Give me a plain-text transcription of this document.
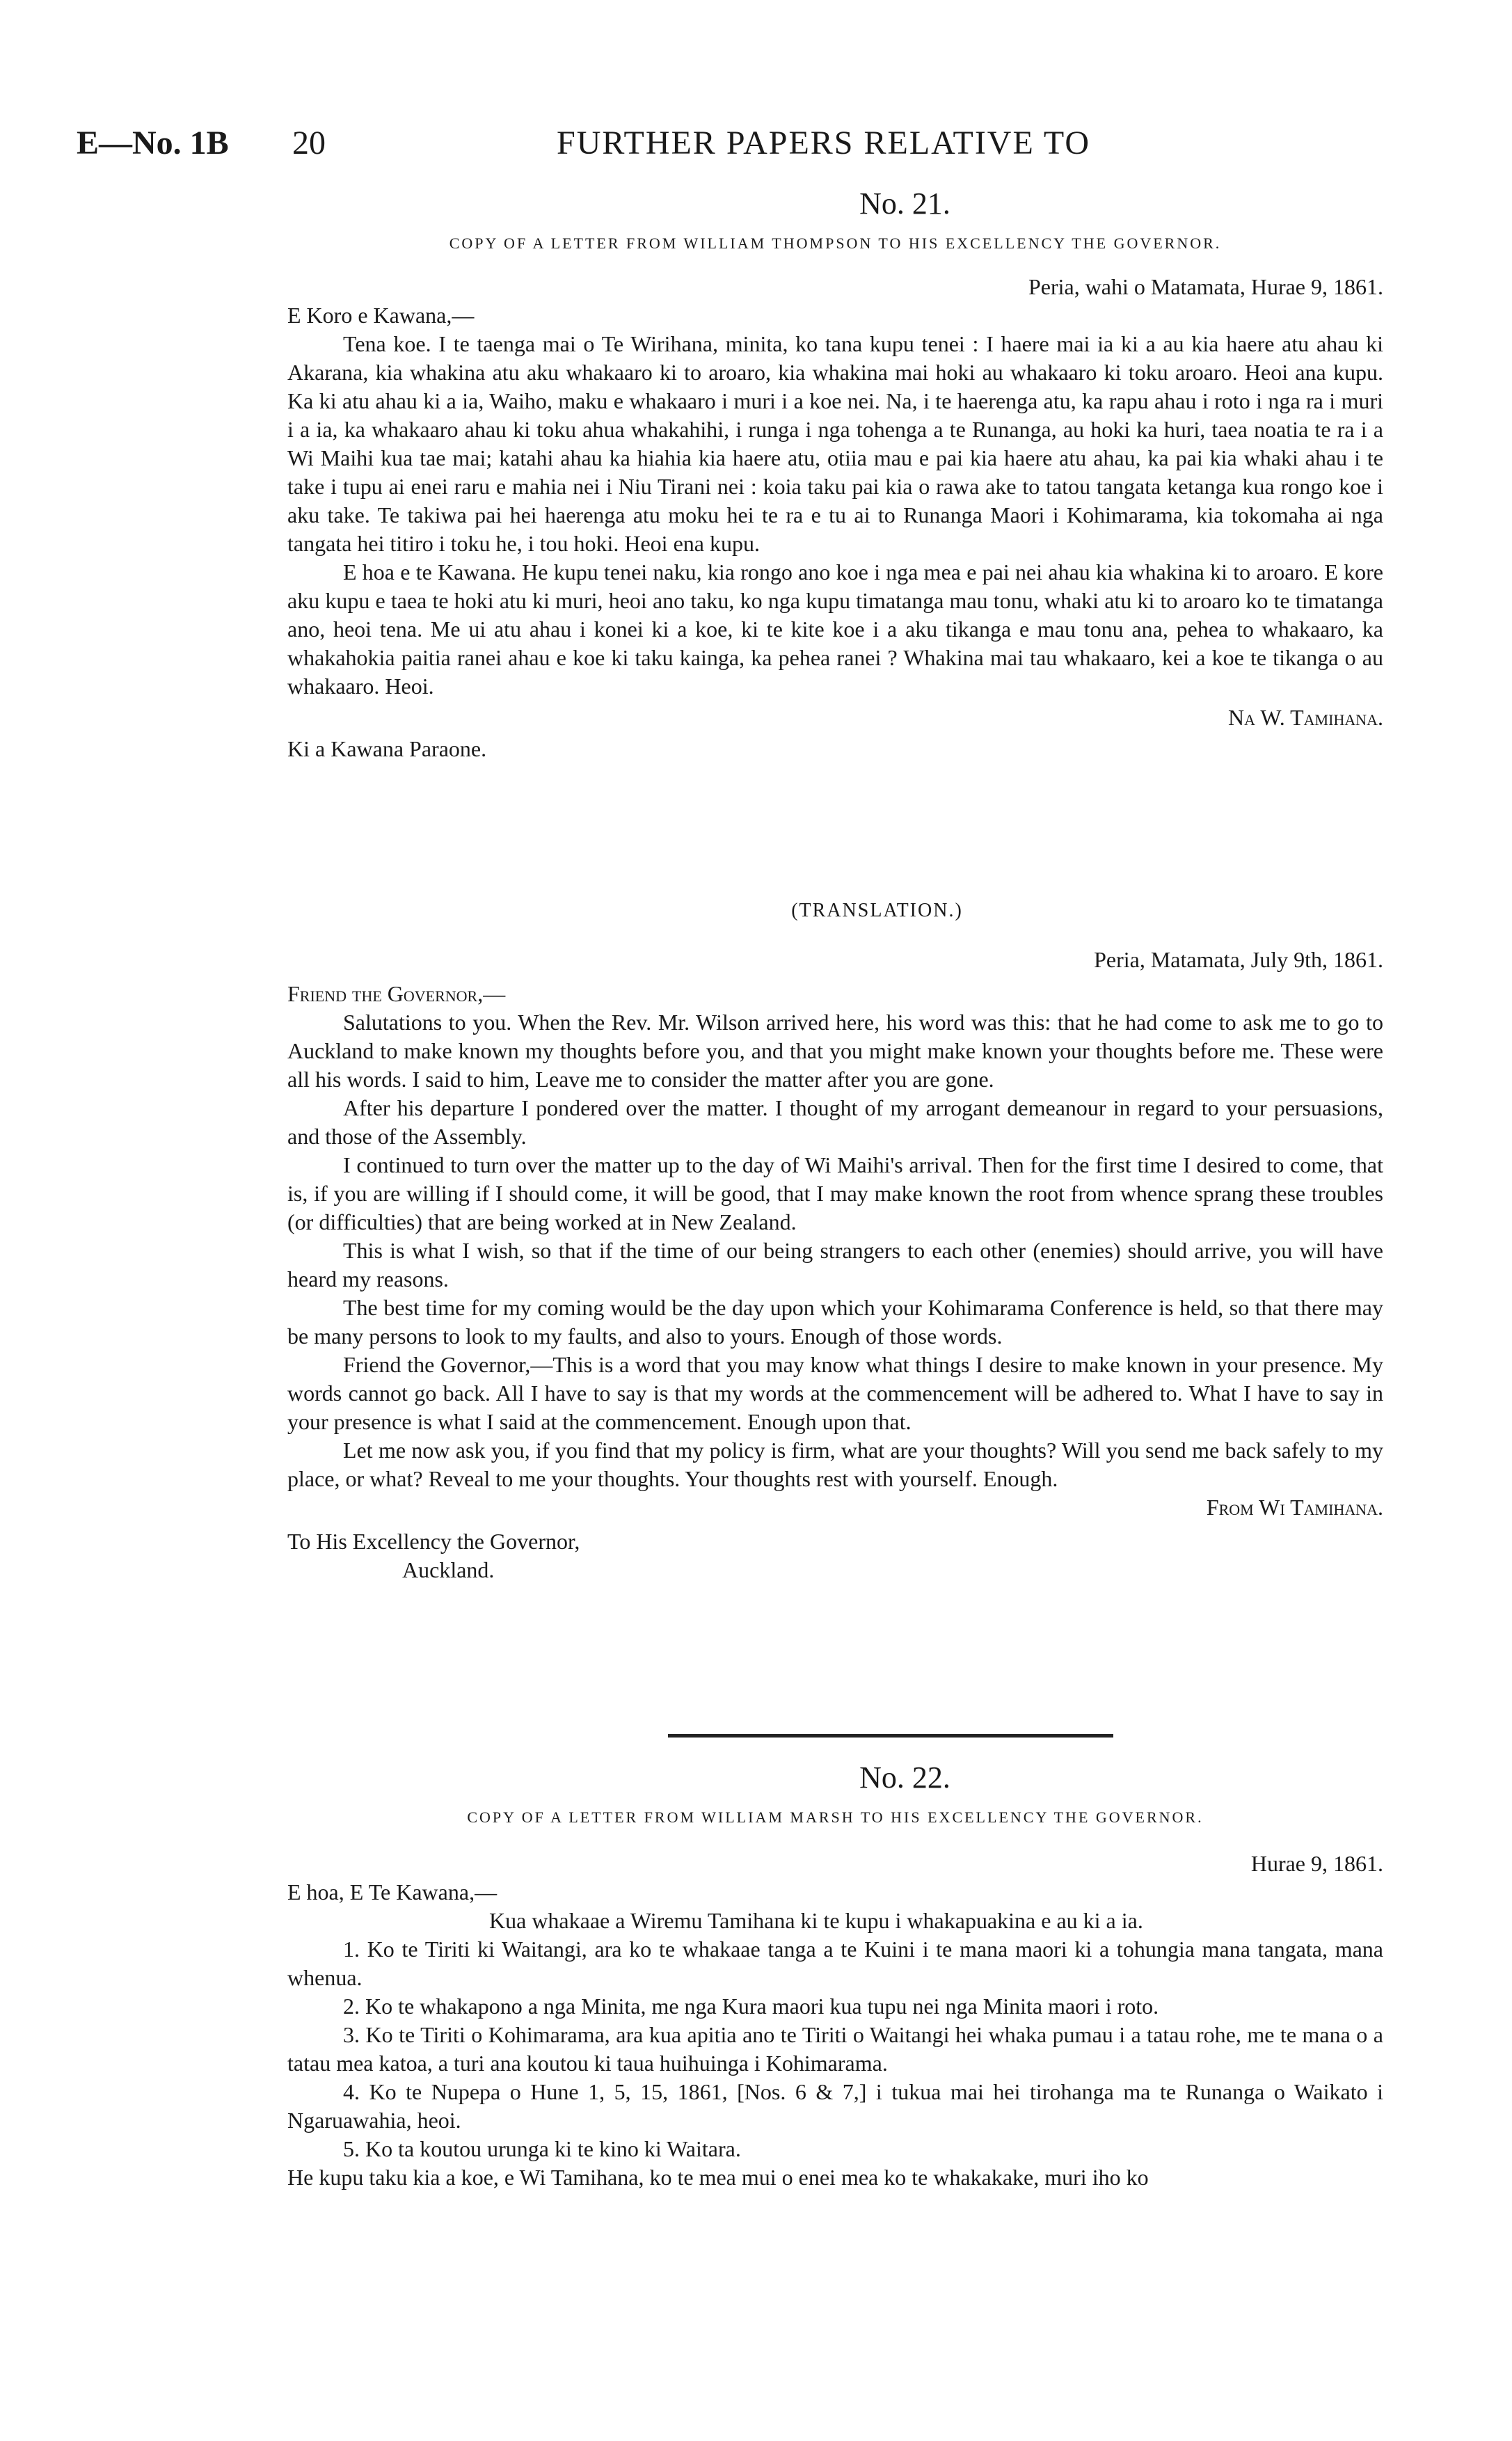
E—No. 1B 20	FURTHER PAPERS RELATIVE TO
No. 21.
COPY OF A LETTER FROM WILLIAM THOMPSON TO HIS EXCELLENCY THE GOVERNOR.
Peria, wahi o Matamata, Hurae 9, 1861.

E Koro e Kawana,—

Tena koe. I te taenga mai o Te Wirihana, minita, ko tana kupu tenei : I haere mai ia ki a au kia haere atu ahau ki Akarana, kia whakina atu aku whakaaro ki to aroaro, kia whakina mai hoki au whakaaro ki toku aroaro. Heoi ana kupu. Ka ki atu ahau ki a ia, Waiho, maku e whakaaro i muri i a koe nei. Na, i te haerenga atu, ka rapu ahau i roto i nga ra i muri i a ia, ka whakaaro ahau ki toku ahua whakahihi, i runga i nga tohenga a te Runanga, au hoki ka huri, taea noatia te ra i a Wi Maihi kua tae mai; katahi ahau ka hiahia kia haere atu, otiia mau e pai kia haere atu ahau, ka pai kia whaki ahau i te take i tupu ai enei raru e mahia nei i Niu Tirani nei : koia taku pai kia o rawa ake to tatou tangata ketanga kua rongo koe i aku take. Te takiwa pai hei haerenga atu moku hei te ra e tu ai to Runanga Maori i Kohimarama, kia tokomaha ai nga tangata hei titiro i toku he, i tou hoki. Heoi ena kupu.

E hoa e te Kawana. He kupu tenei naku, kia rongo ano koe i nga mea e pai nei ahau kia whakina ki to aroaro. E kore aku kupu e taea te hoki atu ki muri, heoi ano taku, ko nga kupu timatanga mau tonu, whaki atu ki to aroaro ko te timatanga ano, heoi tena. Me ui atu ahau i konei ki a koe, ki te kite koe i a aku tikanga e mau tonu ana, pehea to whakaaro, ka whakahokia paitia ranei ahau e koe ki taku kainga, ka pehea ranei ? Whakina mai tau whakaaro, kei a koe te tikanga o au whakaaro. Heoi.

Na W. Tamihana.

Ki a Kawana Paraone.

(TRANSLATION.)
Peria, Matamata, July 9th, 1861.

Friend the Governor,—

Salutations to you. When the Rev. Mr. Wilson arrived here, his word was this: that he had come to ask me to go to Auckland to make known my thoughts before you, and that you might make known your thoughts before me. These were all his words. I said to him, Leave me to consider the matter after you are gone.

After his departure I pondered over the matter. I thought of my arrogant demeanour in regard to your persuasions, and those of the Assembly.

I continued to turn over the matter up to the day of Wi Maihi's arrival. Then for the first time I desired to come, that is, if you are willing if I should come, it will be good, that I may make known the root from whence sprang these troubles (or difficulties) that are being worked at in New Zealand.

This is what I wish, so that if the time of our being strangers to each other (enemies) should arrive, you will have heard my reasons.

The best time for my coming would be the day upon which your Kohimarama Conference is held, so that there may be many persons to look to my faults, and also to yours. Enough of those words.

Friend the Governor,—This is a word that you may know what things I desire to make known in your presence. My words cannot go back. All I have to say is that my words at the commencement will be adhered to. What I have to say in your presence is what I said at the commencement. Enough upon that.

Let me now ask you, if you find that my policy is firm, what are your thoughts? Will you send me back safely to my place, or what? Reveal to me your thoughts. Your thoughts rest with yourself. Enough.

From Wi Tamihana.

To His Excellency the Governor,

Auckland.

No. 22.
COPY OF A LETTER FROM WILLIAM MARSH TO HIS EXCELLENCY THE GOVERNOR.
Hurae 9, 1861.

E hoa, E Te Kawana,—

Kua whakaae a Wiremu Tamihana ki te kupu i whakapuakina e au ki a ia.

1. Ko te Tiriti ki Waitangi, ara ko te whakaae tanga a te Kuini i te mana maori ki a tohungia mana tangata, mana whenua.

2. Ko te whakapono a nga Minita, me nga Kura maori kua tupu nei nga Minita maori i roto.

3. Ko te Tiriti o Kohimarama, ara kua apitia ano te Tiriti o Waitangi hei whaka pumau i a tatau rohe, me te mana o a tatau mea katoa, a turi ana koutou ki taua huihuinga i Kohimarama.

4. Ko te Nupepa o Hune 1, 5, 15, 1861, [Nos. 6 & 7,] i tukua mai hei tirohanga ma te Runanga o Waikato i Ngaruawahia, heoi.

5. Ko ta koutou urunga ki te kino ki Waitara.

He kupu taku kia a koe, e Wi Tamihana, ko te mea mui o enei mea ko te whakakake, muri iho ko
